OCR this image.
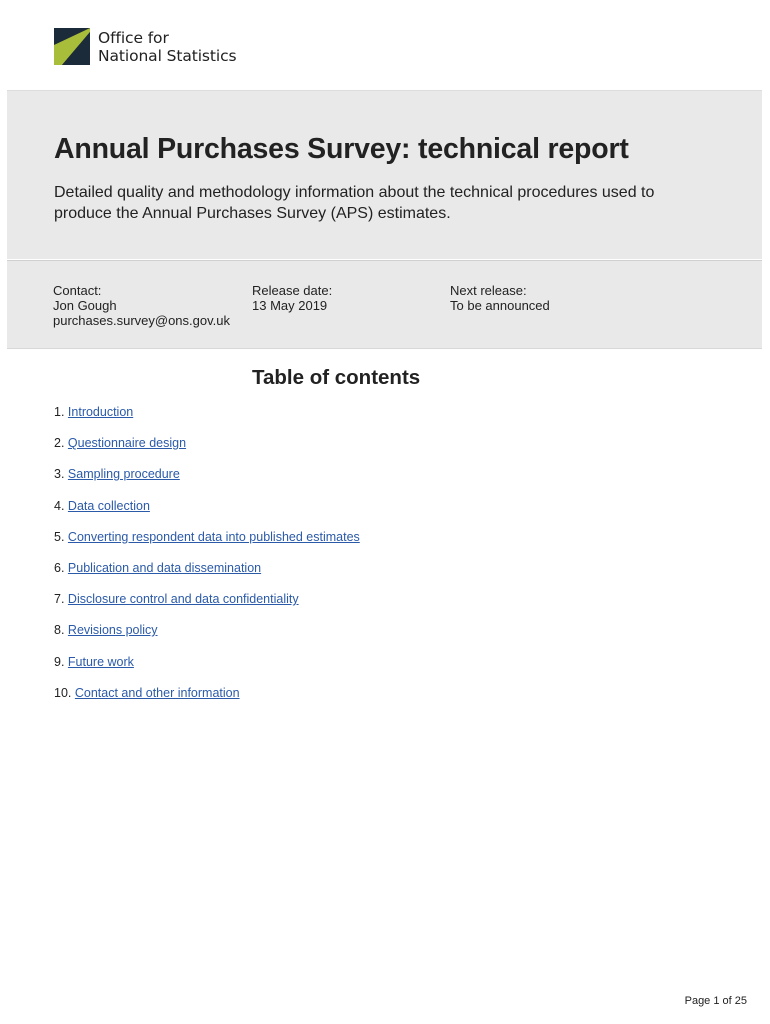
Office for
National Statistics
Annual Purchases Survey: technical report

Detailed quality and methodology information about the technical procedures used to produce the Annual Purchases Survey (APS) estimates.

Contact:
Jon Gough
purchases.survey@ons.gov.uk
Release date:
13 May 2019
Next release:
To be announced
Table of contents
1. Introduction
2. Questionnaire design
3. Sampling procedure
4. Data collection
5. Converting respondent data into published estimates
6. Publication and data dissemination
7. Disclosure control and data confidentiality
8. Revisions policy
9. Future work
10. Contact and other information
Page 1 of 25
